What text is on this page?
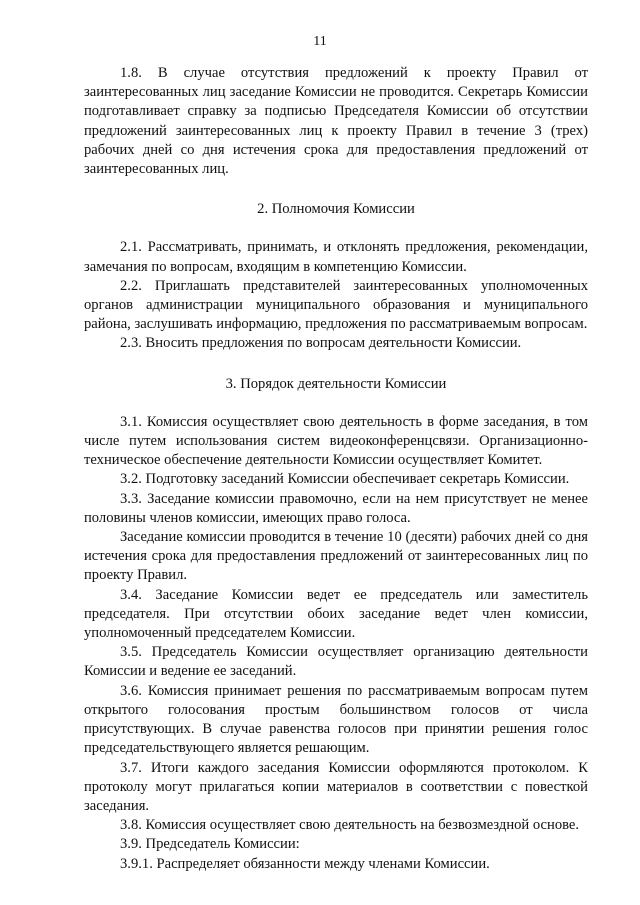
11

1.8. В случае отсутствия предложений к проекту Правил от заинтересованных лиц заседание Комиссии не проводится. Секретарь Комиссии подготавливает справку за подписью Председателя Комиссии об отсутствии предложений заинтересованных лиц к проекту Правил в течение 3 (трех) рабочих дней со дня истечения срока для предоставления предложений от заинтересованных лиц.

2. Полномочия Комиссии

2.1. Рассматривать, принимать, и отклонять предложения, рекомендации, замечания по вопросам, входящим в компетенцию Комиссии.

2.2. Приглашать представителей заинтересованных уполномоченных органов администрации муниципального образования и муниципального района, заслушивать информацию, предложения по рассматриваемым вопросам.

2.3. Вносить предложения по вопросам деятельности Комиссии.

3. Порядок деятельности Комиссии

3.1. Комиссия осуществляет свою деятельность в форме заседания, в том числе путем использования систем видеоконференцсвязи. Организационно-техническое обеспечение деятельности Комиссии осуществляет Комитет.

3.2. Подготовку заседаний Комиссии обеспечивает секретарь Комиссии.

3.3. Заседание комиссии правомочно, если на нем присутствует не менее половины членов комиссии, имеющих право голоса.

Заседание комиссии проводится в течение 10 (десяти) рабочих дней со дня истечения срока для предоставления предложений от заинтересованных лиц по проекту Правил.

3.4. Заседание Комиссии ведет ее председатель или заместитель председателя. При отсутствии обоих заседание ведет член комиссии, уполномоченный председателем Комиссии.

3.5. Председатель Комиссии осуществляет организацию деятельности Комиссии и ведение ее заседаний.

3.6. Комиссия принимает решения по рассматриваемым вопросам путем открытого голосования простым большинством голосов от числа присутствующих. В случае равенства голосов при принятии решения голос председательствующего является решающим.

3.7. Итоги каждого заседания Комиссии оформляются протоколом. К протоколу могут прилагаться копии материалов в соответствии с повесткой заседания.

3.8. Комиссия осуществляет свою деятельность на безвозмездной основе.

3.9. Председатель Комиссии:

3.9.1. Распределяет обязанности между членами Комиссии.
